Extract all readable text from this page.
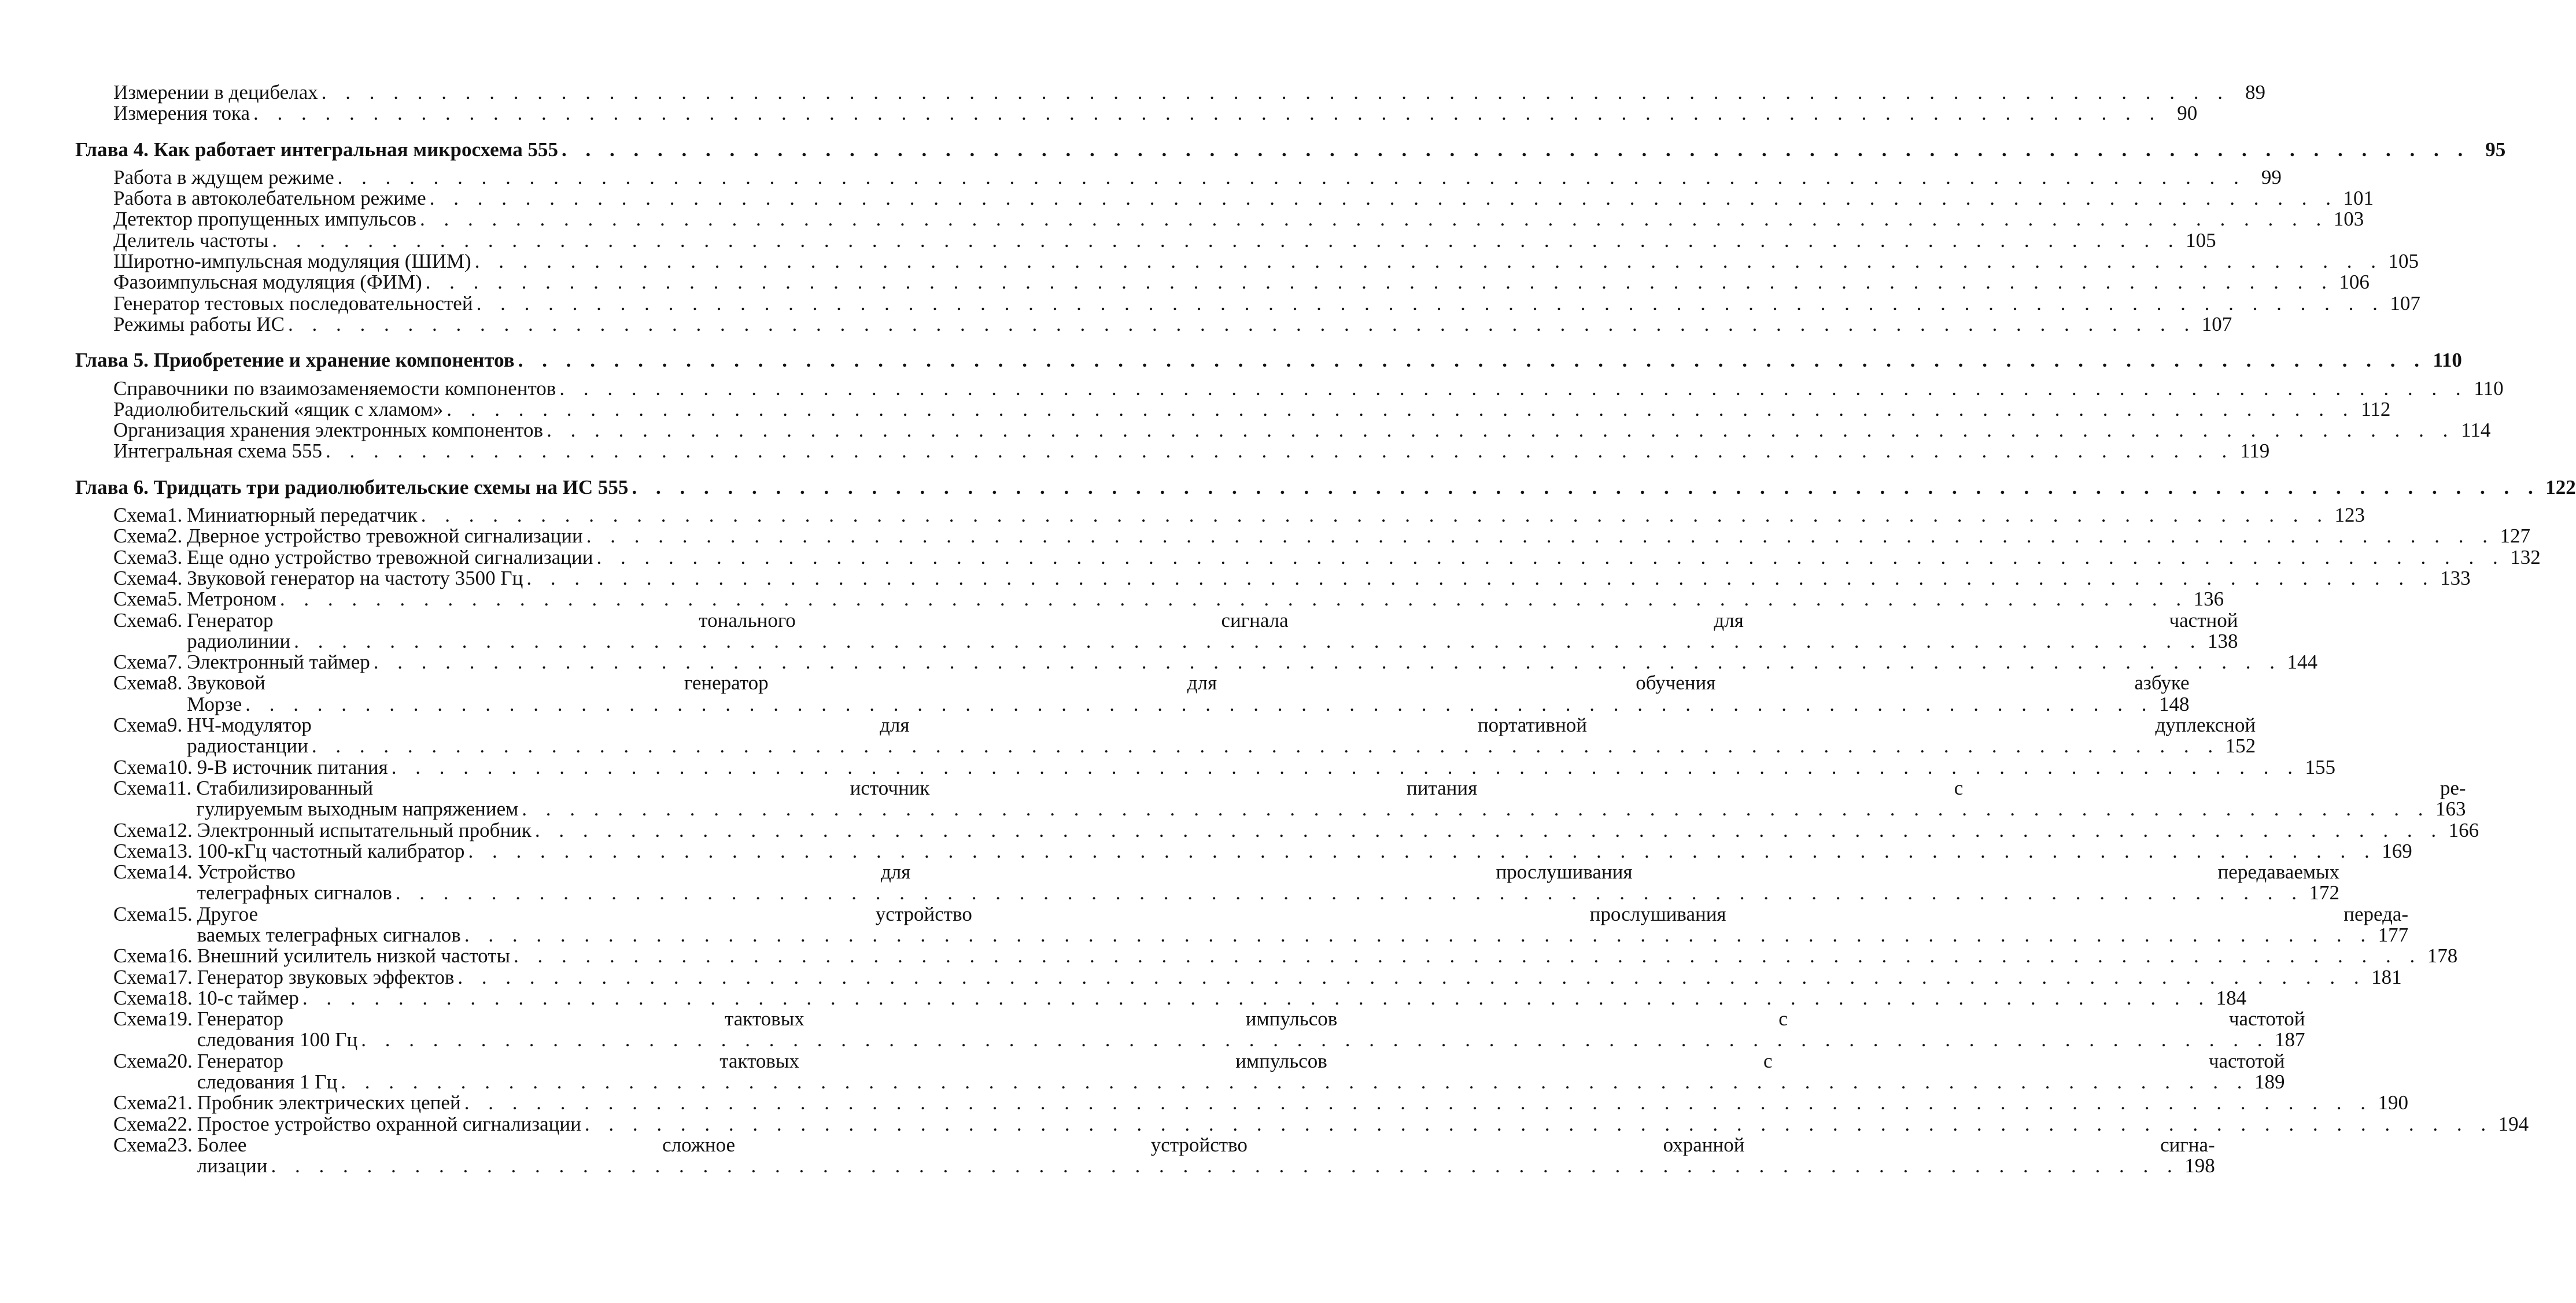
Измерении в децибелах . . . . . . . . . . . . . . . . . . . . . . . . . . . . . . . . . . . . . . . . . . . . . . . . . . . . . . . . . . . . . . . . . . . . . . . . . . . . . . . . 89
Измерения тока . . . . . . . . . . . . . . . . . . . . . . . . . . . . . . . . . . . . . . . . . . . . . . . . . . . . . . . . . . . . . . . . . . . . . . . . . . . . . . . . 90
Глава 4. Как работает интегральная микросхема 555 . . . . . . . . . . . . . . . . . . . . . . . . . . . . . . . . . . . . . . . . . . . . . . . . . . . . . . . . . . . . . . . . . . . . . . . . . . . . . . . . 95
Работа в ждущем режиме . . . . . . . . . . . . . . . . . . . . . . . . . . . . . . . . . . . . . . . . . . . . . . . . . . . . . . . . . . . . . . . . . . . . . . . . . . . . . . . . 99
Работа в автоколебательном режиме . . . . . . . . . . . . . . . . . . . . . . . . . . . . . . . . . . . . . . . . . . . . . . . . . . . . . . . . . . . . . . . . . . . . . . . . . . . . . . . . 101
Детектор пропущенных импульсов . . . . . . . . . . . . . . . . . . . . . . . . . . . . . . . . . . . . . . . . . . . . . . . . . . . . . . . . . . . . . . . . . . . . . . . . . . . . . . . . 103
Делитель частоты . . . . . . . . . . . . . . . . . . . . . . . . . . . . . . . . . . . . . . . . . . . . . . . . . . . . . . . . . . . . . . . . . . . . . . . . . . . . . . . . 105
Широтно-импульсная модуляция (ШИМ) . . . . . . . . . . . . . . . . . . . . . . . . . . . . . . . . . . . . . . . . . . . . . . . . . . . . . . . . . . . . . . . . . . . . . . . . . . . . . . . . 105
Фазоимпульсная модуляция (ФИМ) . . . . . . . . . . . . . . . . . . . . . . . . . . . . . . . . . . . . . . . . . . . . . . . . . . . . . . . . . . . . . . . . . . . . . . . . . . . . . . . . 106
Генератор тестовых последовательностей . . . . . . . . . . . . . . . . . . . . . . . . . . . . . . . . . . . . . . . . . . . . . . . . . . . . . . . . . . . . . . . . . . . . . . . . . . . . . . . . 107
Режимы работы ИС . . . . . . . . . . . . . . . . . . . . . . . . . . . . . . . . . . . . . . . . . . . . . . . . . . . . . . . . . . . . . . . . . . . . . . . . . . . . . . . . 107
Глава 5. Приобретение и хранение компонентов . . . . . . . . . . . . . . . . . . . . . . . . . . . . . . . . . . . . . . . . . . . . . . . . . . . . . . . . . . . . . . . . . . . . . . . . . . . . . . . . 110
Справочники по взаимозаменяемости компонентов . . . . . . . . . . . . . . . . . . . . . . . . . . . . . . . . . . . . . . . . . . . . . . . . . . . . . . . . . . . . . . . . . . . . . . . . . . . . . . . . 110
Радиолюбительский «ящик с хламом» . . . . . . . . . . . . . . . . . . . . . . . . . . . . . . . . . . . . . . . . . . . . . . . . . . . . . . . . . . . . . . . . . . . . . . . . . . . . . . . . 112
Организация хранения электронных компонентов . . . . . . . . . . . . . . . . . . . . . . . . . . . . . . . . . . . . . . . . . . . . . . . . . . . . . . . . . . . . . . . . . . . . . . . . . . . . . . . . 114
Интегральная схема 555 . . . . . . . . . . . . . . . . . . . . . . . . . . . . . . . . . . . . . . . . . . . . . . . . . . . . . . . . . . . . . . . . . . . . . . . . . . . . . . . . 119
Глава 6. Тридцать три радиолюбительские схемы на ИС 555 . . . . . . . . . . . . . . . . . . . . . . . . . . . . . . . . . . . . . . . . . . . . . . . . . . . . . . . . . . . . . . . . . . . . . . . . . . . . . . . . 122
Схема 1. Миниатюрный передатчик . . . . . . . . . . . . . . . . . . . . . . . . . . . . . . . . . . . . . . . . . . . . . . . . . . . . . . . . . . . . . . . . . . . . . . . . . . . . . . . . 123
Схема 2. Дверное устройство тревожной сигнализации . . . . . . . . . . . . . . . . . . . . . . . . . . . . . . . . . . . . . . . . . . . . . . . . . . . . . . . . . . . . . . . . . . . . . . . . . . . . . . . . 127
Схема 3. Еще одно устройство тревожной сигнализации . . . . . . . . . . . . . . . . . . . . . . . . . . . . . . . . . . . . . . . . . . . . . . . . . . . . . . . . . . . . . . . . . . . . . . . . . . . . . . . . 132
Схема 4. Звуковой генератор на частоту 3500 Гц . . . . . . . . . . . . . . . . . . . . . . . . . . . . . . . . . . . . . . . . . . . . . . . . . . . . . . . . . . . . . . . . . . . . . . . . . . . . . . . . 133
Схема 5. Метроном . . . . . . . . . . . . . . . . . . . . . . . . . . . . . . . . . . . . . . . . . . . . . . . . . . . . . . . . . . . . . . . . . . . . . . . . . . . . . . . . 136
Схема 6. Генератор тонального сигнала для частной
радиолинии . . . . . . . . . . . . . . . . . . . . . . . . . . . . . . . . . . . . . . . . . . . . . . . . . . . . . . . . . . . . . . . . . . . . . . . . . . . . . . . . 138
Схема 7. Электронный таймер . . . . . . . . . . . . . . . . . . . . . . . . . . . . . . . . . . . . . . . . . . . . . . . . . . . . . . . . . . . . . . . . . . . . . . . . . . . . . . . . 144
Схема 8. Звуковой генератор для обучения азбуке
Морзе . . . . . . . . . . . . . . . . . . . . . . . . . . . . . . . . . . . . . . . . . . . . . . . . . . . . . . . . . . . . . . . . . . . . . . . . . . . . . . . . 148
Схема 9. НЧ-модулятор для портативной дуплексной
радиостанции . . . . . . . . . . . . . . . . . . . . . . . . . . . . . . . . . . . . . . . . . . . . . . . . . . . . . . . . . . . . . . . . . . . . . . . . . . . . . . . . 152
Схема 10. 9-В источник питания . . . . . . . . . . . . . . . . . . . . . . . . . . . . . . . . . . . . . . . . . . . . . . . . . . . . . . . . . . . . . . . . . . . . . . . . . . . . . . . . 155
Схема 11. Стабилизированный источник питания с ре-
гулируемым выходным напряжением . . . . . . . . . . . . . . . . . . . . . . . . . . . . . . . . . . . . . . . . . . . . . . . . . . . . . . . . . . . . . . . . . . . . . . . . . . . . . . . . 163
Схема 12. Электронный испытательный пробник . . . . . . . . . . . . . . . . . . . . . . . . . . . . . . . . . . . . . . . . . . . . . . . . . . . . . . . . . . . . . . . . . . . . . . . . . . . . . . . . 166
Схема 13. 100-кГц частотный калибратор . . . . . . . . . . . . . . . . . . . . . . . . . . . . . . . . . . . . . . . . . . . . . . . . . . . . . . . . . . . . . . . . . . . . . . . . . . . . . . . . 169
Схема 14. Устройство для прослушивания передаваемых
телеграфных сигналов . . . . . . . . . . . . . . . . . . . . . . . . . . . . . . . . . . . . . . . . . . . . . . . . . . . . . . . . . . . . . . . . . . . . . . . . . . . . . . . . 172
Схема 15. Другое устройство прослушивания переда-
ваемых телеграфных сигналов . . . . . . . . . . . . . . . . . . . . . . . . . . . . . . . . . . . . . . . . . . . . . . . . . . . . . . . . . . . . . . . . . . . . . . . . . . . . . . . . 177
Схема 16. Внешний усилитель низкой частоты . . . . . . . . . . . . . . . . . . . . . . . . . . . . . . . . . . . . . . . . . . . . . . . . . . . . . . . . . . . . . . . . . . . . . . . . . . . . . . . . 178
Схема 17. Генератор звуковых эффектов . . . . . . . . . . . . . . . . . . . . . . . . . . . . . . . . . . . . . . . . . . . . . . . . . . . . . . . . . . . . . . . . . . . . . . . . . . . . . . . . 181
Схема 18. 10-с таймер . . . . . . . . . . . . . . . . . . . . . . . . . . . . . . . . . . . . . . . . . . . . . . . . . . . . . . . . . . . . . . . . . . . . . . . . . . . . . . . . 184
Схема 19. Генератор тактовых импульсов с частотой
следования 100 Гц . . . . . . . . . . . . . . . . . . . . . . . . . . . . . . . . . . . . . . . . . . . . . . . . . . . . . . . . . . . . . . . . . . . . . . . . . . . . . . . . 187
Схема 20. Генератор тактовых импульсов с частотой
следования 1 Гц . . . . . . . . . . . . . . . . . . . . . . . . . . . . . . . . . . . . . . . . . . . . . . . . . . . . . . . . . . . . . . . . . . . . . . . . . . . . . . . . 189
Схема 21. Пробник электрических цепей . . . . . . . . . . . . . . . . . . . . . . . . . . . . . . . . . . . . . . . . . . . . . . . . . . . . . . . . . . . . . . . . . . . . . . . . . . . . . . . . 190
Схема 22. Простое устройство охранной сигнализации . . . . . . . . . . . . . . . . . . . . . . . . . . . . . . . . . . . . . . . . . . . . . . . . . . . . . . . . . . . . . . . . . . . . . . . . . . . . . . . . 194
Схема 23. Более сложное устройство охранной сигна-
лизации . . . . . . . . . . . . . . . . . . . . . . . . . . . . . . . . . . . . . . . . . . . . . . . . . . . . . . . . . . . . . . . . . . . . . . . . . . . . . . . . 198
